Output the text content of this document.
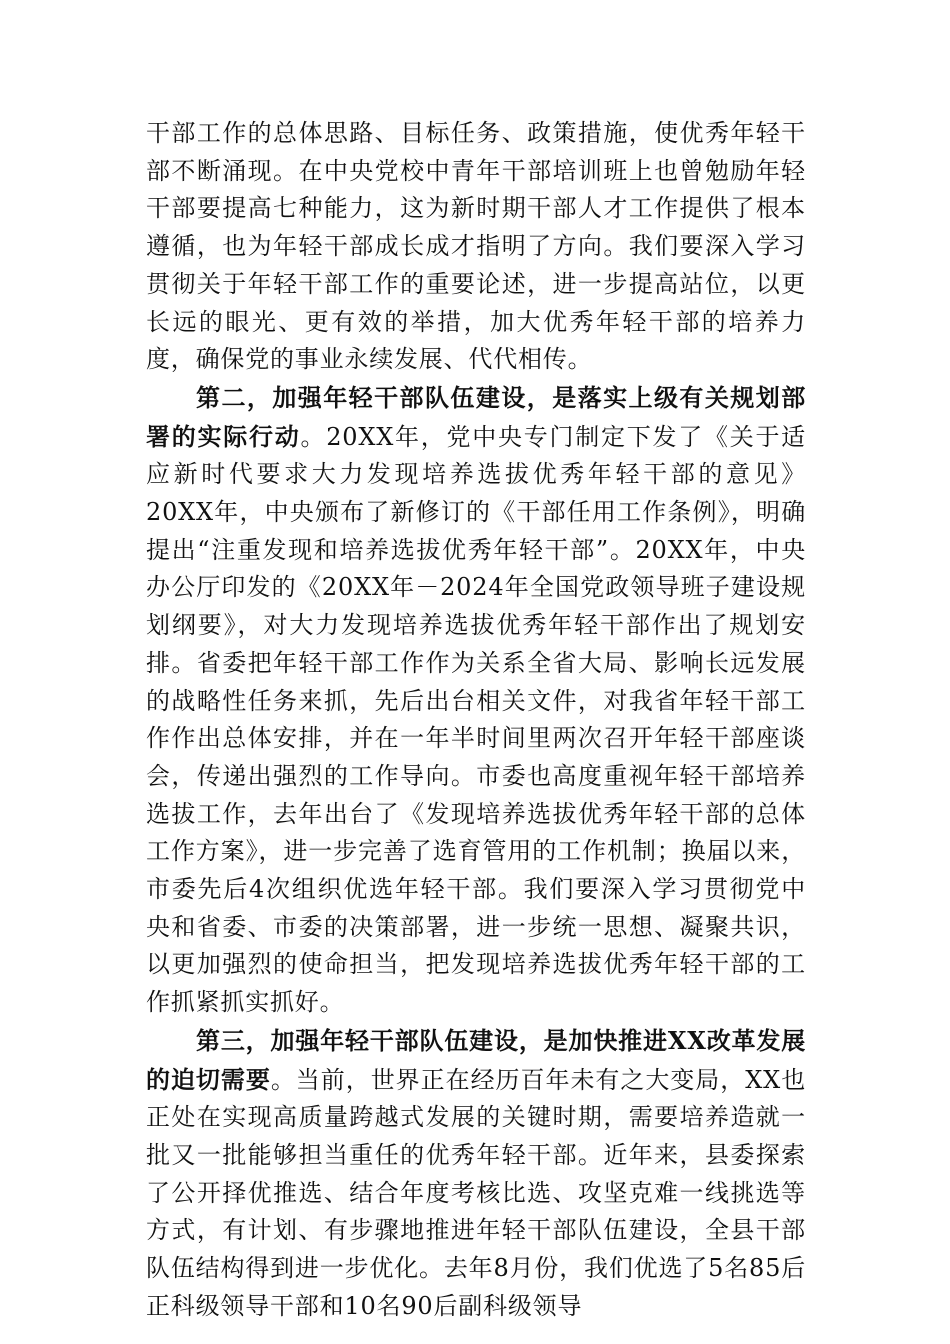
干部工作的总体思路、目标任务、政策措施，使优秀年轻干部不断涌现。在中央党校中青年干部培训班上也曾勉励年轻干部要提高七种能力，这为新时期干部人才工作提供了根本遵循，也为年轻干部成长成才指明了方向。我们要深入学习贯彻关于年轻干部工作的重要论述，进一步提高站位，以更长远的眼光、更有效的举措，加大优秀年轻干部的培养力度，确保党的事业永续发展、代代相传。

第二，加强年轻干部队伍建设，是落实上级有关规划部署的实际行动。20XX年，党中央专门制定下发了《关于适应新时代要求大力发现培养选拔优秀年轻干部的意见》20XX年，中央颁布了新修订的《干部任用工作条例》，明确提出“注重发现和培养选拔优秀年轻干部”。20XX年，中央办公厅印发的《20XX年－2024年全国党政领导班子建设规划纲要》，对大力发现培养选拔优秀年轻干部作出了规划安排。省委把年轻干部工作作为关系全省大局、影响长远发展的战略性任务来抓，先后出台相关文件，对我省年轻干部工作作出总体安排，并在一年半时间里两次召开年轻干部座谈会，传递出强烈的工作导向。市委也高度重视年轻干部培养选拔工作，去年出台了《发现培养选拔优秀年轻干部的总体工作方案》，进一步完善了选育管用的工作机制；换届以来，市委先后4次组织优选年轻干部。我们要深入学习贯彻党中央和省委、市委的决策部署，进一步统一思想、凝聚共识，以更加强烈的使命担当，把发现培养选拔优秀年轻干部的工作抓紧抓实抓好。

第三，加强年轻干部队伍建设，是加快推进XX改革发展的迫切需要。当前，世界正在经历百年未有之大变局，XX也正处在实现高质量跨越式发展的关键时期，需要培养造就一批又一批能够担当重任的优秀年轻干部。近年来，县委探索了公开择优推选、结合年度考核比选、攻坚克难一线挑选等方式，有计划、有步骤地推进年轻干部队伍建设，全县干部队伍结构得到进一步优化。去年8月份，我们优选了5名85后正科级领导干部和10名90后副科级领导
